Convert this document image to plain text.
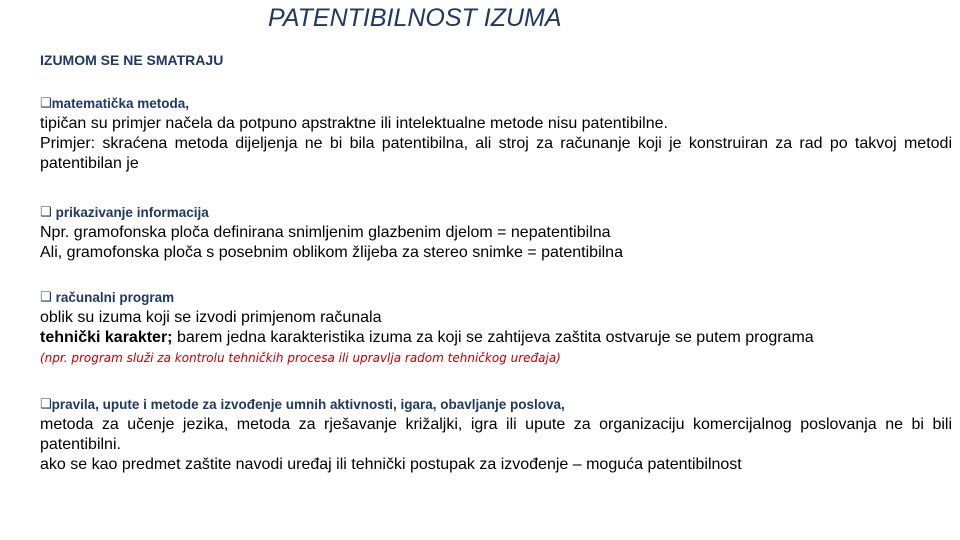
PATENTIBILNOST IZUMA
IZUMOM SE NE SMATRAJU
❑ matematička metoda,

tipičan su primjer načela da potpuno apstraktne ili intelektualne metode nisu patentibilne.

Primjer: skraćena metoda dijeljenja ne bi bila patentibilna, ali stroj za računanje koji je konstruiran za rad po takvoj metodi patentibilan je

❑ prikazivanje informacija

Npr. gramofonska ploča definirana snimljenim glazbenim djelom = nepatentibilna

Ali, gramofonska ploča s posebnim oblikom žlijeba za stereo snimke = patentibilna

❑ računalni program

oblik su izuma koji se izvodi primjenom računala

tehnički karakter; barem jedna karakteristika izuma za koji se zahtijeva zaštita ostvaruje se putem programa

(npr. program služi za kontrolu tehničkih procesa ili upravlja radom tehničkog uređaja)

❑ pravila, upute i metode za izvođenje umnih aktivnosti, igara, obavljanje poslova,

metoda za učenje jezika, metoda za rješavanje križaljki, igra ili upute za organizaciju komercijalnog poslovanja ne bi bili patentibilni.

ako se kao predmet zaštite navodi uređaj ili tehnički postupak za izvođenje – moguća patentibilnost
